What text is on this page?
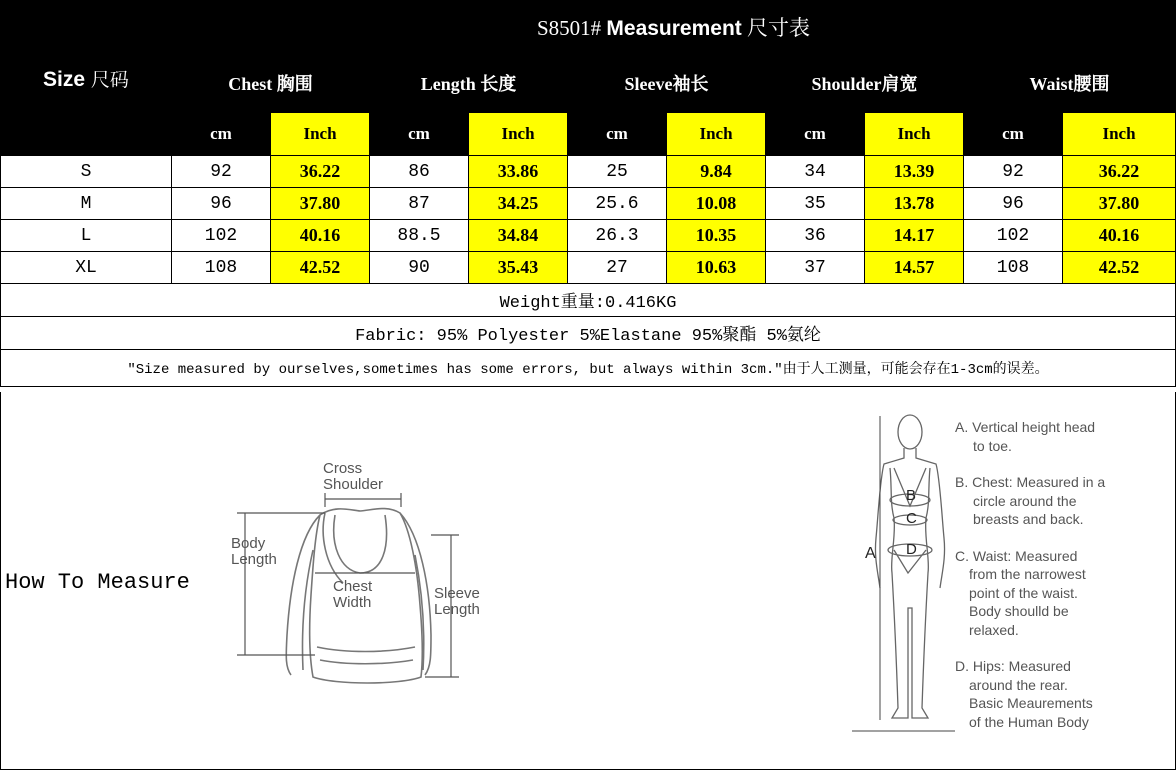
Size 尺码	S8501# Measurement 尺寸表									
	Chest 胸围		Length 长度		Sleeve袖长		Shoulder肩宽		Waist腰围	
	cm	Inch	cm	Inch	cm	Inch	cm	Inch	cm	Inch
S	92	36.22	86	33.86	25	9.84	34	13.39	92	36.22
M	96	37.80	87	34.25	25.6	10.08	35	13.78	96	37.80
L	102	40.16	88.5	34.84	26.3	10.35	36	14.17	102	40.16
XL	108	42.52	90	35.43	27	10.63	37	14.57	108	42.52
Weight重量:0.416KG										
Fabric: 95% Polyester 5%Elastane 95%聚酯 5%氨纶										
"Size measured by ourselves,sometimes has some errors, but always within 3cm."由于人工测量，可能会存在1-3cm的误差。										
How To Measure
Cross
Shoulder
Body
Length
Chest
Width
Sleeve
Length
A
B
C
D
A. Vertical height head
to toe.
B. Chest: Measured in a
circle around the
breasts and back.
C. Waist: Measured
from the narrowest
point of the waist.
Body shoulld be
relaxed.
D. Hips: Measured
around the rear.
Basic Meaurements
of the Human Body
